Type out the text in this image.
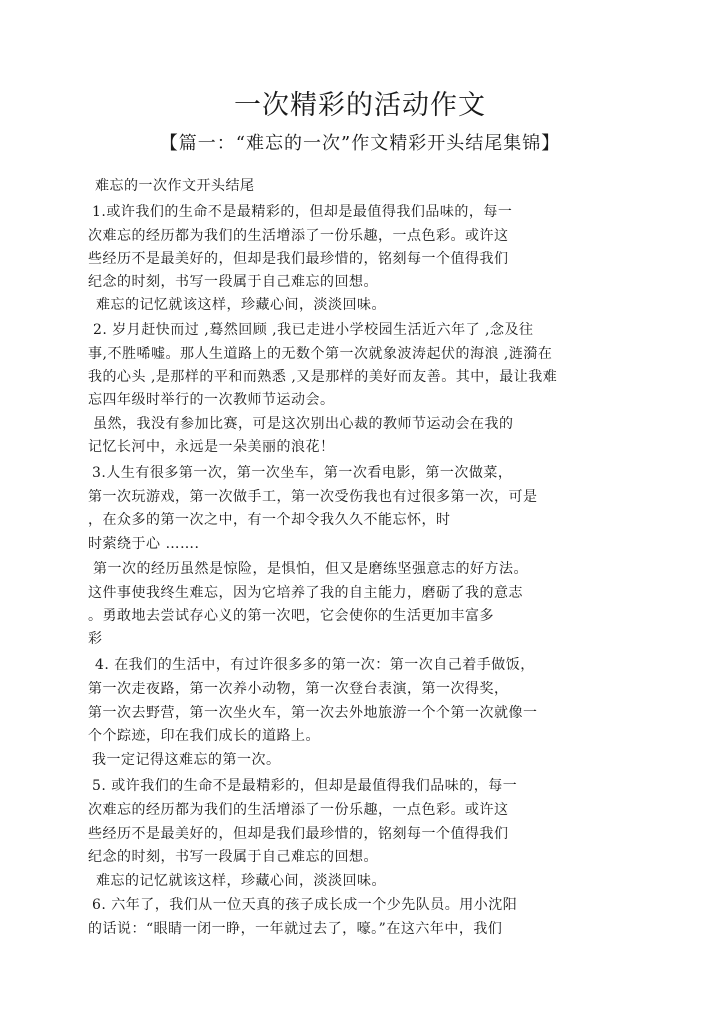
一次精彩的活动作文
【篇一：“难忘的一次”作文精彩开头结尾集锦】
难忘的一次作文开头结尾
1.或许我们的生命不是最精彩的，但却是最值得我们品味的，每一
次难忘的经历都为我们的生活增添了一份乐趣，一点色彩。或许这
些经历不是最美好的，但却是我们最珍惜的，铭刻每一个值得我们
纪念的时刻，书写一段属于自己难忘的回想。
难忘的记忆就该这样，珍藏心间，淡淡回味。
2. 岁月赶快而过 ,蓦然回顾 ,我已走进小学校园生活近六年了 ,念及往
事,不胜唏嘘。那人生道路上的无数个第一次就象波涛起伏的海浪 ,涟漪在
我的心头 ,是那样的平和而熟悉 ,又是那样的美好而友善。其中，最让我难
忘四年级时举行的一次教师节运动会。
虽然，我没有参加比赛，可是这次别出心裁的教师节运动会在我的
记忆长河中，永远是一朵美丽的浪花！
3.人生有很多第一次，第一次坐车，第一次看电影，第一次做菜，
第一次玩游戏，第一次做手工，第一次受伤我也有过很多第一次，可是
，在众多的第一次之中，有一个却令我久久不能忘怀，时
时萦绕于心 …….
第一次的经历虽然是惊险，是惧怕，但又是磨练坚强意志的好方法。
这件事使我终生难忘，因为它培养了我的自主能力，磨砺了我的意志
。勇敢地去尝试存心义的第一次吧，它会使你的生活更加丰富多
彩
4. 在我们的生活中，有过许很多多的第一次：第一次自己着手做饭，
第一次走夜路，第一次养小动物，第一次登台表演，第一次得奖，
第一次去野营，第一次坐火车，第一次去外地旅游一个个第一次就像一
个个踪迹，印在我们成长的道路上。
我一定记得这难忘的第一次。
5. 或许我们的生命不是最精彩的，但却是最值得我们品味的，每一
次难忘的经历都为我们的生活增添了一份乐趣，一点色彩。或许这
些经历不是最美好的，但却是我们最珍惜的，铭刻每一个值得我们
纪念的时刻，书写一段属于自己难忘的回想。
难忘的记忆就该这样，珍藏心间，淡淡回味。
6. 六年了，我们从一位天真的孩子成长成一个少先队员。用小沈阳
的话说：“眼睛一闭一睁，一年就过去了，嚎。”在这六年中，我们
